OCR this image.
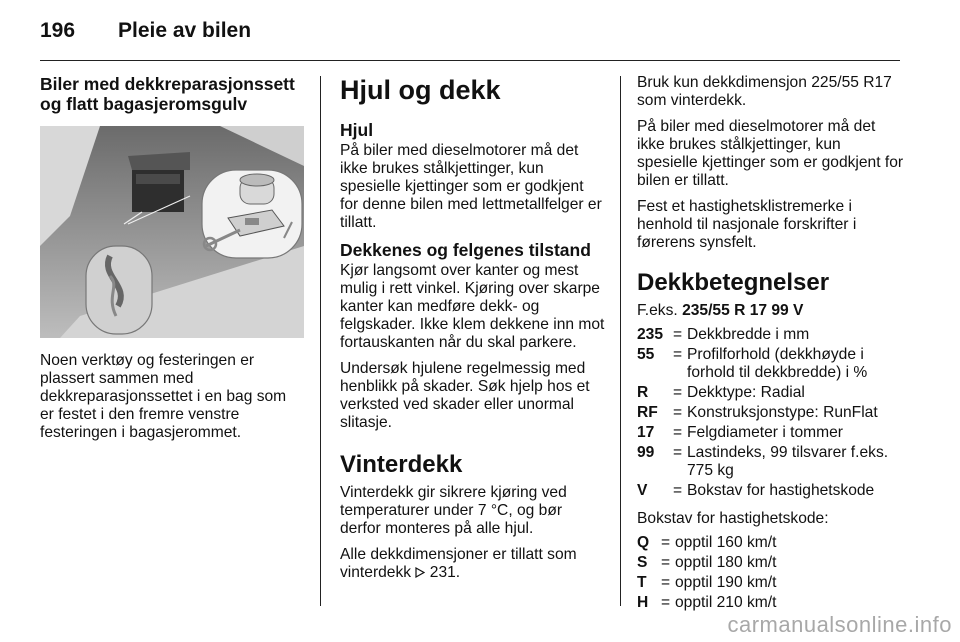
196 Pleie av bilen
Biler med dekkreparasjonssett og flatt bagasjeromsgulv

Noen verktøy og festeringen er plassert sammen med dekkreparasjonssettet i en bag som er festet i den fremre venstre festeringen i bagasjerommet.

Hjul og dekk
Hjul

På biler med dieselmotorer må det ikke brukes stålkjettinger, kun spesielle kjettinger som er godkjent for denne bilen med lettmetallfelger er tillatt.

Dekkenes og felgenes tilstand

Kjør langsomt over kanter og mest mulig i rett vinkel. Kjøring over skarpe kanter kan medføre dekk- og felgskader. Ikke klem dekkene inn mot fortauskanten når du skal parkere.

Undersøk hjulene regelmessig med henblikk på skader. Søk hjelp hos et verksted ved skader eller unormal slitasje.

Vinterdekk

Vinterdekk gir sikrere kjøring ved temperaturer under 7 °C, og bør derfor monteres på alle hjul.

Alle dekkdimensjoner er tillatt som vinterdekk 231.

Bruk kun dekkdimensjon 225/55 R17 som vinterdekk.

På biler med dieselmotorer må det ikke brukes stålkjettinger, kun spesielle kjettinger som er godkjent for bilen er tillatt.

Fest et hastighetsklistremerke i henhold til nasjonale forskrifter i førerens synsfelt.

Dekkbetegnelser

F.eks. 235/55 R 17 99 V

235 = Dekkbredde i mm
55	= Profilforhold (dekkhøyde i forhold til dekkbredde) i %
R	= Dekktype: Radial
RF = Konstruksjonstype: RunFlat
17	= Felgdiameter i tommer
99	= Lastindeks, 99 tilsvarer f.eks. 775 kg
V	= Bokstav for hastighetskode

Bokstav for hastighetskode:

Q = opptil 160 km/t
S = opptil 180 km/t
T = opptil 190 km/t
H = opptil 210 km/t
carmanualsonline.info
